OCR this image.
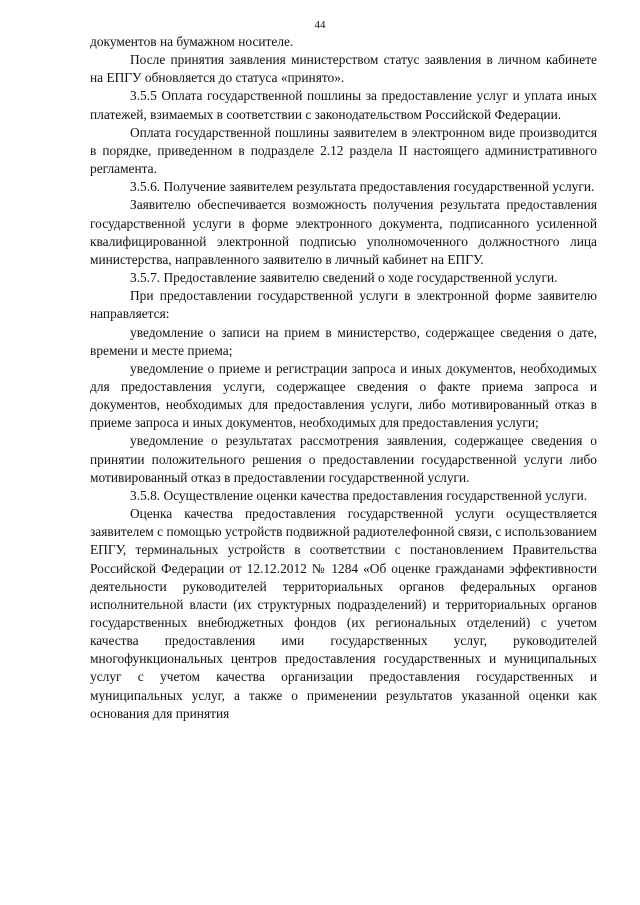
44

документов на бумажном носителе.

После принятия заявления министерством статус заявления в личном кабинете на ЕПГУ обновляется до статуса «принято».

3.5.5 Оплата государственной пошлины за предоставление услуг и уплата иных платежей, взимаемых в соответствии с законодательством Российской Федерации.

Оплата государственной пошлины заявителем в электронном виде производится в порядке, приведенном в подразделе 2.12 раздела II настоящего административного регламента.

3.5.6. Получение заявителем результата предоставления государственной услуги.

Заявителю обеспечивается возможность получения результата предоставления государственной услуги в форме электронного документа, подписанного усиленной квалифицированной электронной подписью уполномоченного должностного лица министерства, направленного заявителю в личный кабинет на ЕПГУ.

3.5.7. Предоставление заявителю сведений о ходе государственной услуги.

При предоставлении государственной услуги в электронной форме заявителю направляется:

уведомление о записи на прием в министерство, содержащее сведения о дате, времени и месте приема;

уведомление о приеме и регистрации запроса и иных документов, необходимых для предоставления услуги, содержащее сведения о факте приема запроса и документов, необходимых для предоставления услуги, либо мотивированный отказ в приеме запроса и иных документов, необходимых для предоставления услуги;

уведомление о результатах рассмотрения заявления, содержащее сведения о принятии положительного решения о предоставлении государственной услуги либо мотивированный отказ в предоставлении государственной услуги.

3.5.8. Осуществление оценки качества предоставления государственной услуги.

Оценка качества предоставления государственной услуги осуществляется заявителем с помощью устройств подвижной радиотелефонной связи, с использованием ЕПГУ, терминальных устройств в соответствии с постановлением Правительства Российской Федерации от 12.12.2012 № 1284 «Об оценке гражданами эффективности деятельности руководителей территориальных органов федеральных органов исполнительной власти (их структурных подразделений) и территориальных органов государственных внебюджетных фондов (их региональных отделений) с учетом качества предоставления ими государственных услуг, руководителей многофункциональных центров предоставления государственных и муниципальных услуг с учетом качества организации предоставления государственных и муниципальных услуг, а также о применении результатов указанной оценки как основания для принятия
